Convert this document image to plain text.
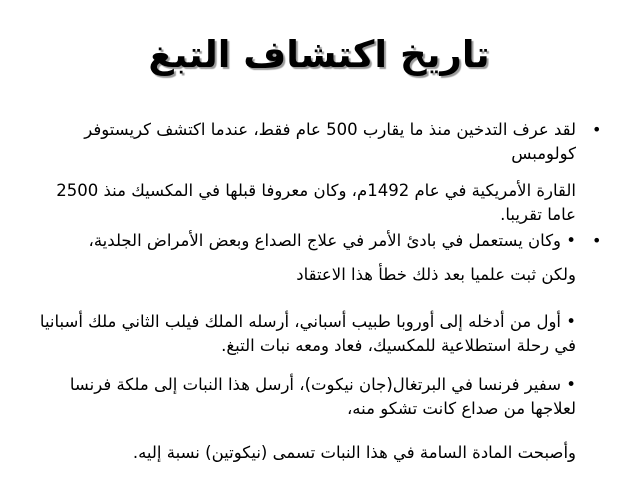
تاريخ اكتشاف التبغ
•
لقد عرف التدخين منذ ما يقارب 500 عام فقط، عندما اكتشف كريستوفر
كولومبس
القارة الأمريكية في عام 1492م، وكان معروفا قبلها في المكسيك منذ 2500
عاما تقريبا.
•
• وكان يستعمل في بادئ الأمر في علاج الصداع وبعض الأمراض الجلدية،
ولكن ثبت علميا بعد ذلك خطأ هذا الاعتقاد
• أول من أدخله إلى أوروبا طبيب أسباني، أرسله الملك فيلب الثاني ملك أسبانيا
في رحلة استطلاعية للمكسيك، فعاد ومعه نبات التبغ.
• سفير فرنسا في البرتغال(جان نيكوت)، أرسل هذا النبات إلى ملكة فرنسا
لعلاجها من صداع كانت تشكو منه،
وأصبحت المادة السامة في هذا النبات تسمى (نيكوتين) نسبة إليه.
